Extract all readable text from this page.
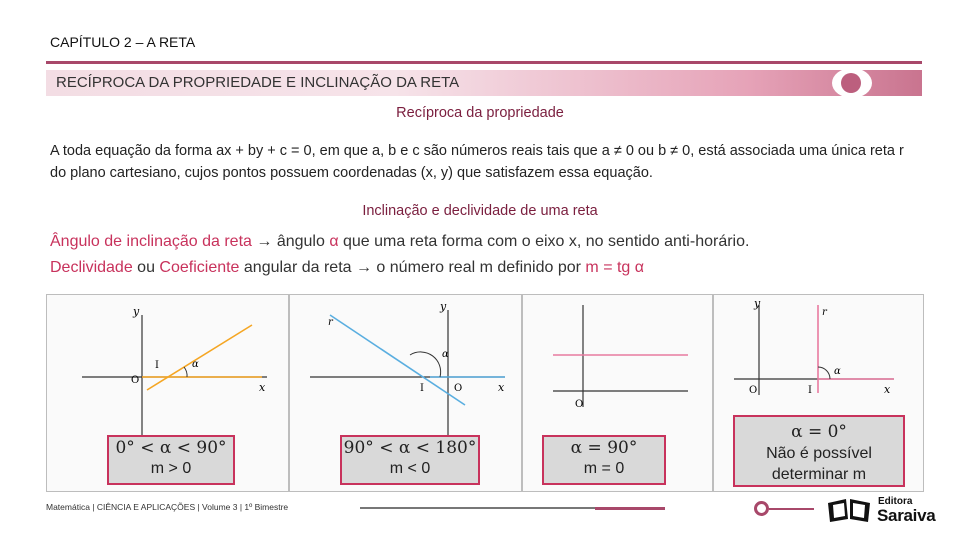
CAPÍTULO 2 – A RETA
RECÍPROCA DA PROPRIEDADE E INCLINAÇÃO DA RETA
Recíproca da propriedade
A toda equação da forma ax + by + c = 0, em que a, b e c são números reais tais que a ≠ 0 ou b ≠ 0, está associada uma única reta r do plano cartesiano, cujos pontos possuem coordenadas (x, y) que satisfazem essa equação.
Inclinação e declividade de uma reta
Ângulo de inclinação da reta → ângulo α que uma reta forma com o eixo x, no sentido anti-horário.
Declividade ou Coeficiente angular da reta → o número real m definido por m = tg α
y
x
O
I	α
y
x
r
O
I
α
O
y
r
x
O	I
α
0° < α < 90°
m > 0
90° < α < 180°
m < 0
α = 90°
m = 0
α = 0°
Não é possível
determinar m
Matemática | CIÊNCIA E APLICAÇÕES | Volume 3 | 1º Bimestre	Editora
Saraiva
